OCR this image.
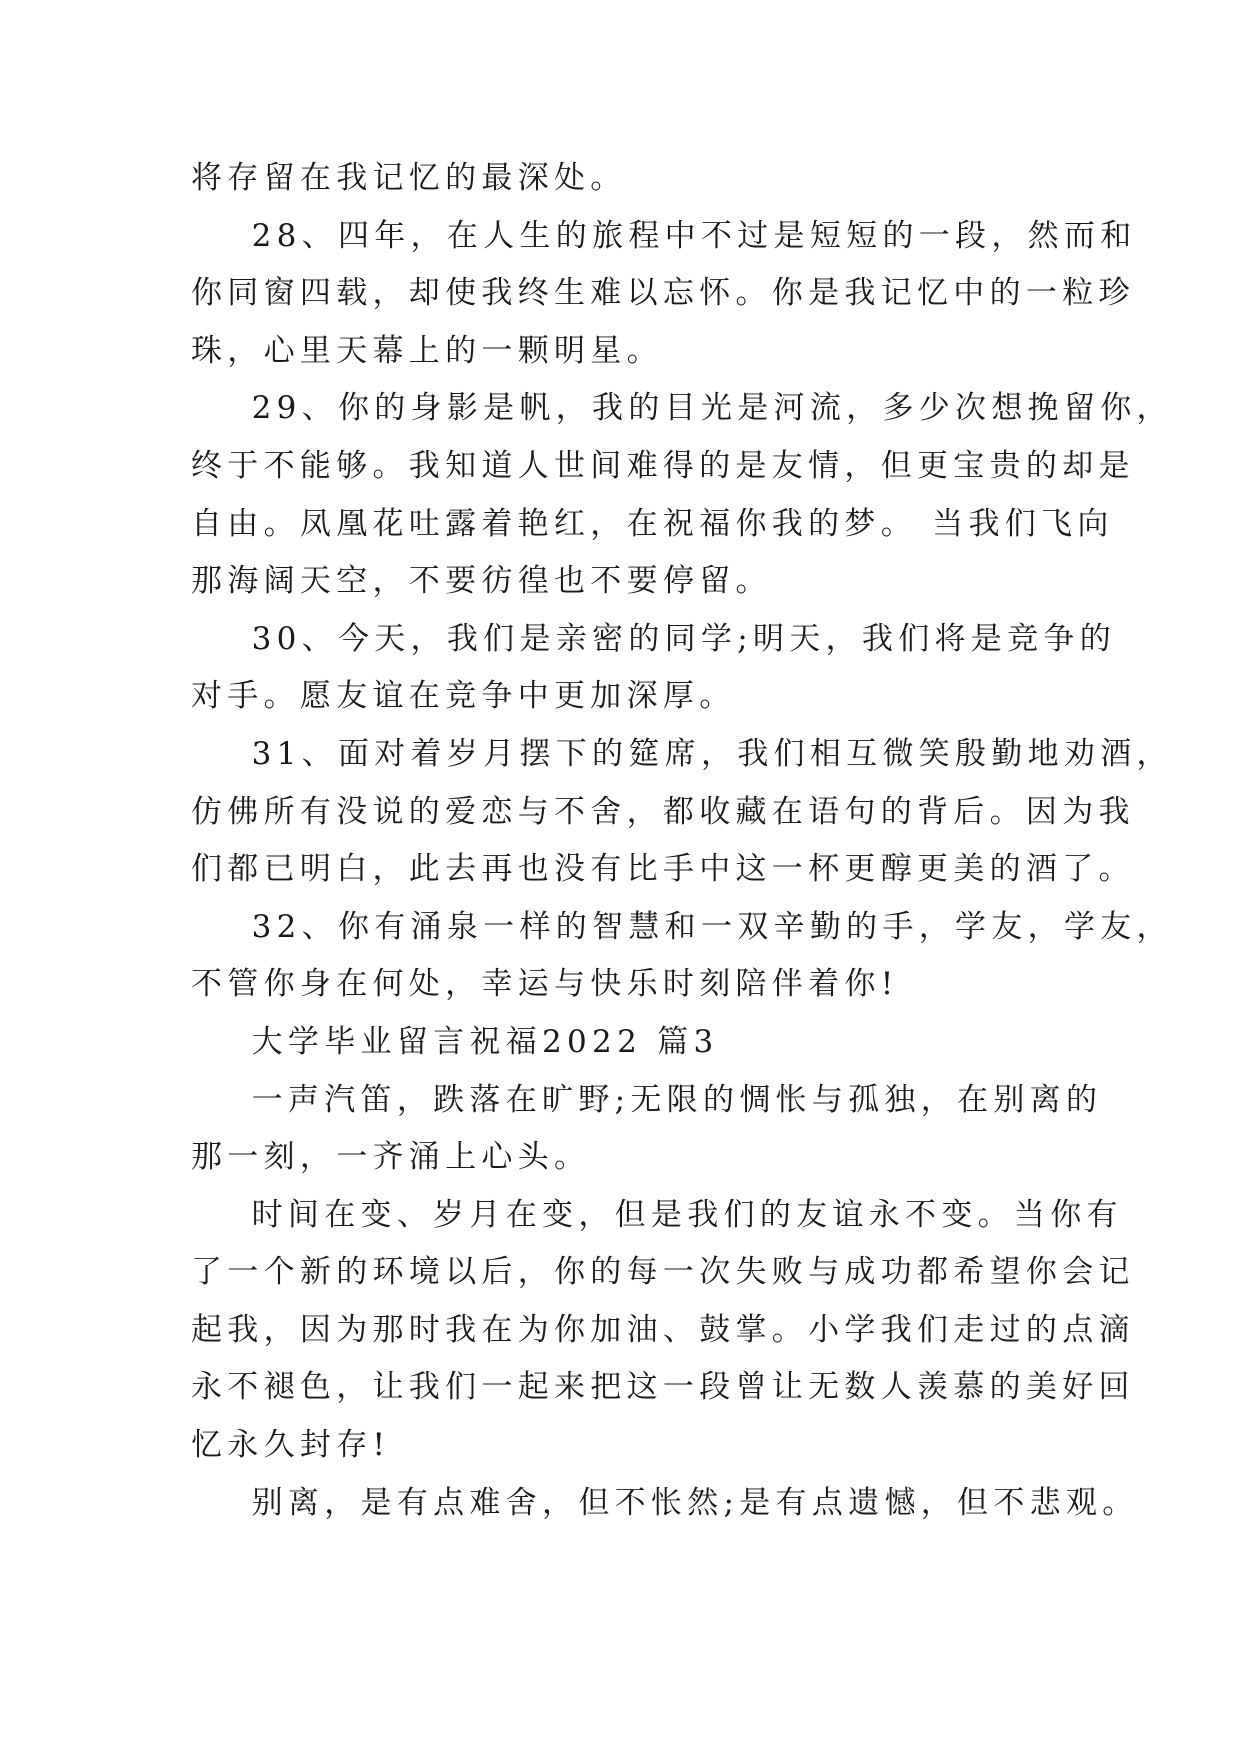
将存留在我记忆的最深处。

28、四年，在人生的旅程中不过是短短的一段，然而和

你同窗四载，却使我终生难以忘怀。你是我记忆中的一粒珍

珠，心里天幕上的一颗明星。

29、你的身影是帆，我的目光是河流，多少次想挽留你，

终于不能够。我知道人世间难得的是友情，但更宝贵的却是

自由。凤凰花吐露着艳红，在祝福你我的梦。 当我们飞向

那海阔天空，不要彷徨也不要停留。

30、今天，我们是亲密的同学;明天，我们将是竞争的

对手。愿友谊在竞争中更加深厚。

31、面对着岁月摆下的筵席，我们相互微笑殷勤地劝酒，

仿佛所有没说的爱恋与不舍，都收藏在语句的背后。因为我

们都已明白，此去再也没有比手中这一杯更醇更美的酒了。

32、你有涌泉一样的智慧和一双辛勤的手，学友，学友，

不管你身在何处，幸运与快乐时刻陪伴着你!

大学毕业留言祝福2022 篇3

一声汽笛，跌落在旷野;无限的惆怅与孤独，在别离的

那一刻，一齐涌上心头。

时间在变、岁月在变，但是我们的友谊永不变。当你有

了一个新的环境以后，你的每一次失败与成功都希望你会记

起我，因为那时我在为你加油、鼓掌。小学我们走过的点滴

永不褪色，让我们一起来把这一段曾让无数人羡慕的美好回

忆永久封存!

别离，是有点难舍，但不怅然;是有点遗憾，但不悲观。
